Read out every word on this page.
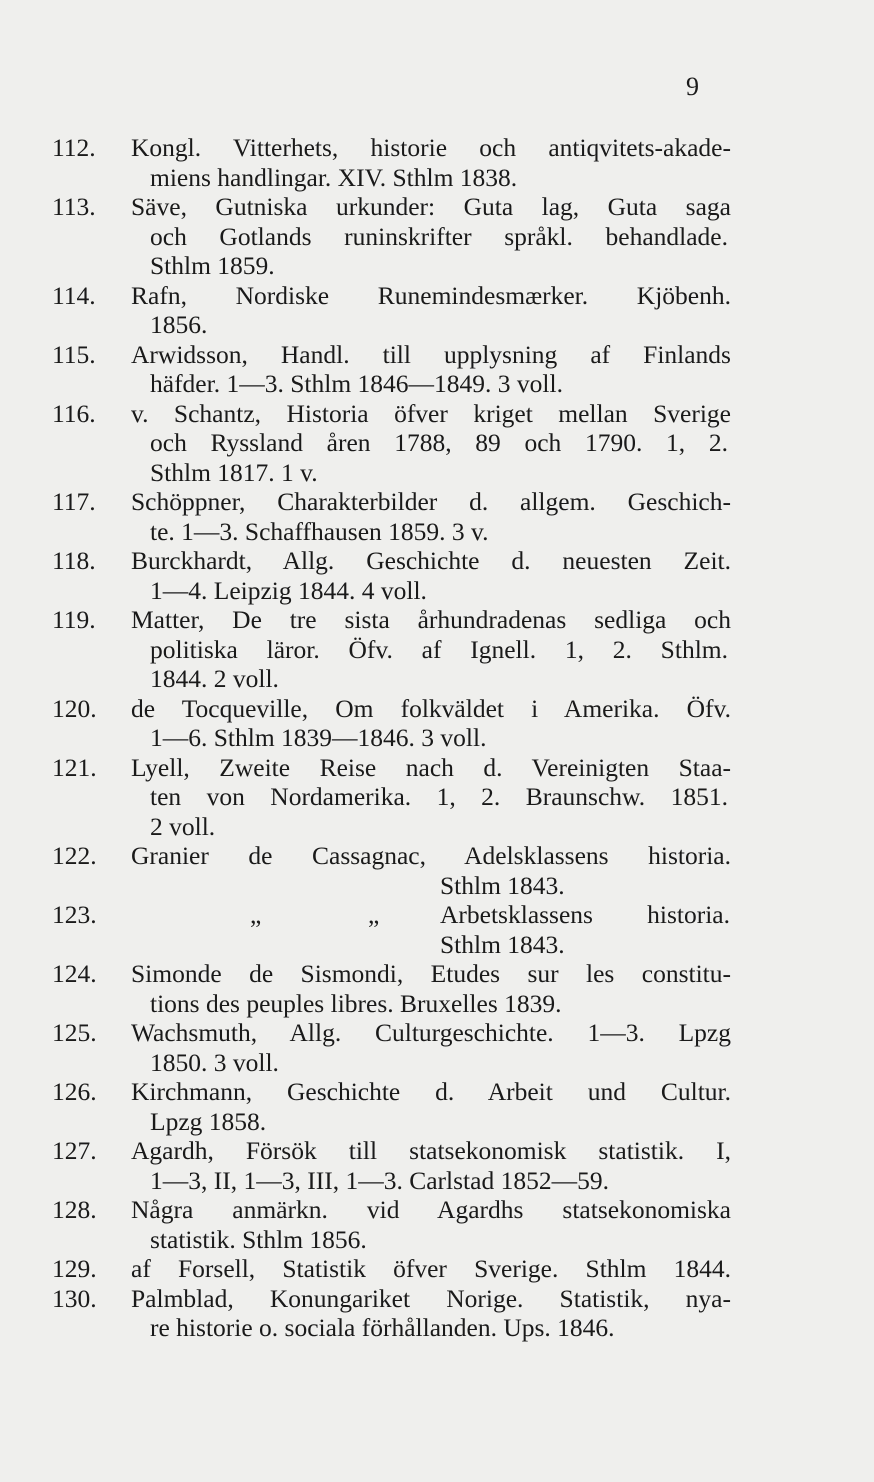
9
112.	Kongl. Vitterhets, historie och antiqvitets-akade-
miens handlingar. XIV. Sthlm 1838.
113.	Säve, Gutniska urkunder: Guta lag, Guta saga
och Gotlands runinskrifter språkl. behandlade.
Sthlm 1859.
114.	Rafn, Nordiske Runemindesmærker. Kjöbenh.
1856.
115.	Arwidsson, Handl. till upplysning af Finlands
häfder. 1—3. Sthlm 1846—1849. 3 voll.
116.	v. Schantz, Historia öfver kriget mellan Sverige
och Ryssland åren 1788, 89 och 1790. 1, 2.
Sthlm 1817. 1 v.
117.	Schöppner, Charakterbilder d. allgem. Geschich-
te. 1—3. Schaffhausen 1859. 3 v.
118.	Burckhardt, Allg. Geschichte d. neuesten Zeit.
1—4. Leipzig 1844. 4 voll.
119.	Matter, De tre sista århundradenas sedliga och
politiska läror. Öfv. af Ignell. 1, 2. Sthlm.
1844. 2 voll.
120.	de Tocqueville, Om folkväldet i Amerika. Öfv.
1—6. Sthlm 1839—1846. 3 voll.
121.	Lyell, Zweite Reise nach d. Vereinigten Staa-
ten von Nordamerika. 1, 2. Braunschw. 1851.
2 voll.
122.	Granier de Cassagnac, Adelsklassens historia.
Sthlm 1843.
123.	„	„ Arbetsklassens historia.
Sthlm 1843.
124.	Simonde de Sismondi, Etudes sur les constitu-
tions des peuples libres. Bruxelles 1839.
125.	Wachsmuth, Allg. Culturgeschichte. 1—3. Lpzg
1850. 3 voll.
126.	Kirchmann, Geschichte d. Arbeit und Cultur.
Lpzg 1858.
127.	Agardh, Försök till statsekonomisk statistik. I,
1—3, II, 1—3, III, 1—3. Carlstad 1852—59.
128.	Några anmärkn. vid Agardhs statsekonomiska
statistik. Sthlm 1856.
129.	af Forsell, Statistik öfver Sverige. Sthlm 1844.
130.	Palmblad, Konungariket Norige. Statistik, nya-
re historie o. sociala förhållanden. Ups. 1846.
